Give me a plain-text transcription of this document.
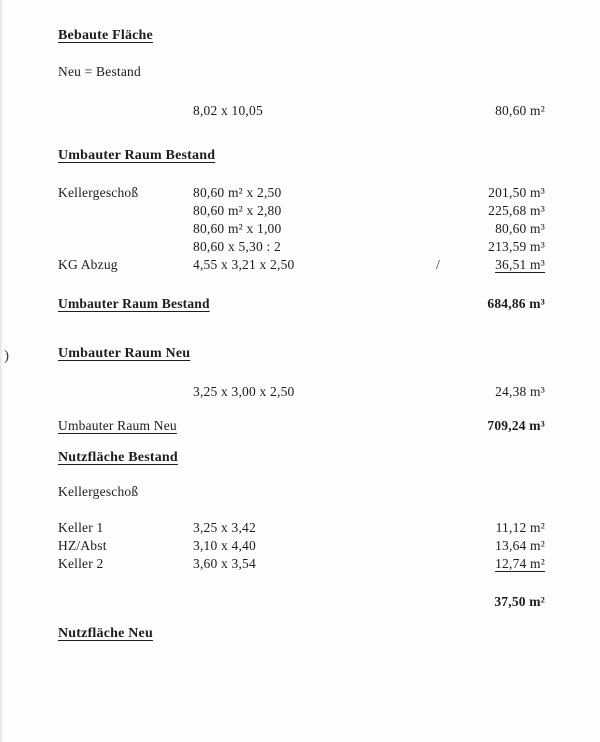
)
/
Bebaute Fläche
Neu = Bestand
8,02 x 10,05	80,60 m²
Umbauter Raum Bestand
Kellergeschoß	80,60 m² x 2,50	201,50 m³
80,60 m² x 2,80	225,68 m³
80,60 m² x 1,00	80,60 m³
80,60 x 5,30 : 2	213,59 m³
KG Abzug	4,55 x 3,21 x 2,50	36,51 m³
Umbauter Raum Bestand	684,86 m³
Umbauter Raum Neu
3,25 x 3,00 x 2,50	24,38 m³
Umbauter Raum Neu	709,24 m³
Nutzfläche Bestand
Kellergeschoß
Keller 1	3,25 x 3,42	11,12 m²
HZ/Abst	3,10 x 4,40	13,64 m²
Keller 2	3,60 x 3,54	12,74 m²
37,50 m²
Nutzfläche Neu
